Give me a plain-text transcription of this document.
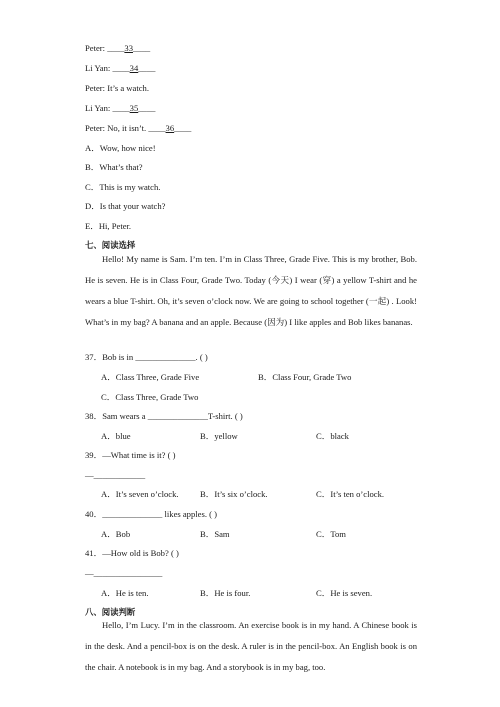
Peter: ____33____
Li Yan: ____34____
Peter: It’s a watch.
Li Yan: ____35____
Peter: No, it isn’t. ____36____
A．Wow, how nice!
B．What’s that?
C．This is my watch.
D．Is that your watch?
E．Hi, Peter.
七、阅读选择
Hello! My name is Sam. I’m ten. I’m in Class Three, Grade Five. This is my brother, Bob. He is seven. He is in Class Four, Grade Two. Today (今天) I wear (穿) a yellow T-shirt and he wears a blue T-shirt. Oh, it’s seven o’clock now. We are going to school together (一起) . Look! What’s in my bag? A banana and an apple. Because (因为) I like apples and Bob likes bananas.
37．Bob is in ______________. ( )
A．Class Three, Grade Five	B．Class Four, Grade Two
C．Class Three, Grade Two
38．Sam wears a ______________T-shirt. ( )
A．blue	B．yellow	C．black
39．—What time is it? ( )
—____________
A．It’s seven o’clock. B．It’s six o’clock.	C．It’s ten o’clock.
40．______________ likes apples. ( )
A．Bob	B．Sam	C．Tom
41．—How old is Bob? ( )
—________________
A．He is ten.	B．He is four.	C．He is seven.
八、阅读判断
Hello, I’m Lucy. I’m in the classroom. An exercise book is in my hand. A Chinese book is in the desk. And a pencil-box is on the desk. A ruler is in the pencil-box. An English book is on the chair. A notebook is in my bag. And a storybook is in my bag, too.
